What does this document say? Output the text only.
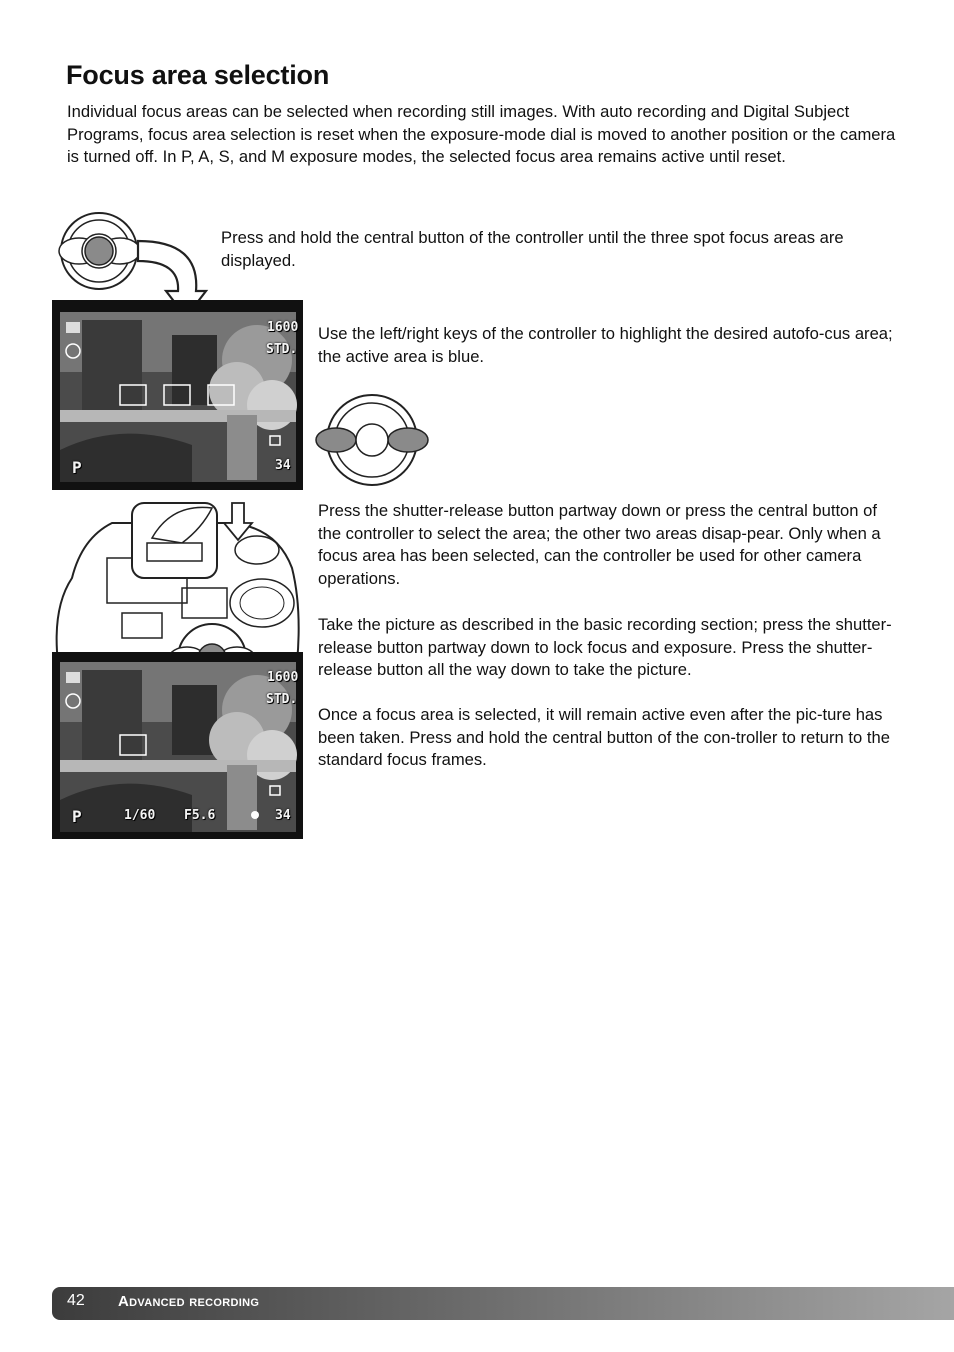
Focus area selection

Individual focus areas can be selected when recording still images. With auto recording and Digital Subject Programs, focus area selection is reset when the exposure-mode dial is moved to another position or the camera is turned off. In P, A, S, and M exposure modes, the selected focus area remains active until reset.

Press and hold the central button of the controller until the three spot focus areas are displayed.

Use the left/right keys of the controller to highlight the desired autofo-cus area; the active area is blue.

Press the shutter-release button partway down or press the central button of the controller to select the area; the other two areas disap-pear. Only when a focus area has been selected, can the controller be used for other camera operations.

Take the picture as described in the basic recording section; press the shutter-release button partway down to lock focus and exposure. Press the shutter-release button all the way down to take the picture.

Once a focus area is selected, it will remain active even after the pic-ture has been taken. Press and hold the central button of the con-troller to return to the standard focus frames.

1600
STD.
P	34
1600
STD.
P	1/60 F5.6	34
42 Advanced recording
